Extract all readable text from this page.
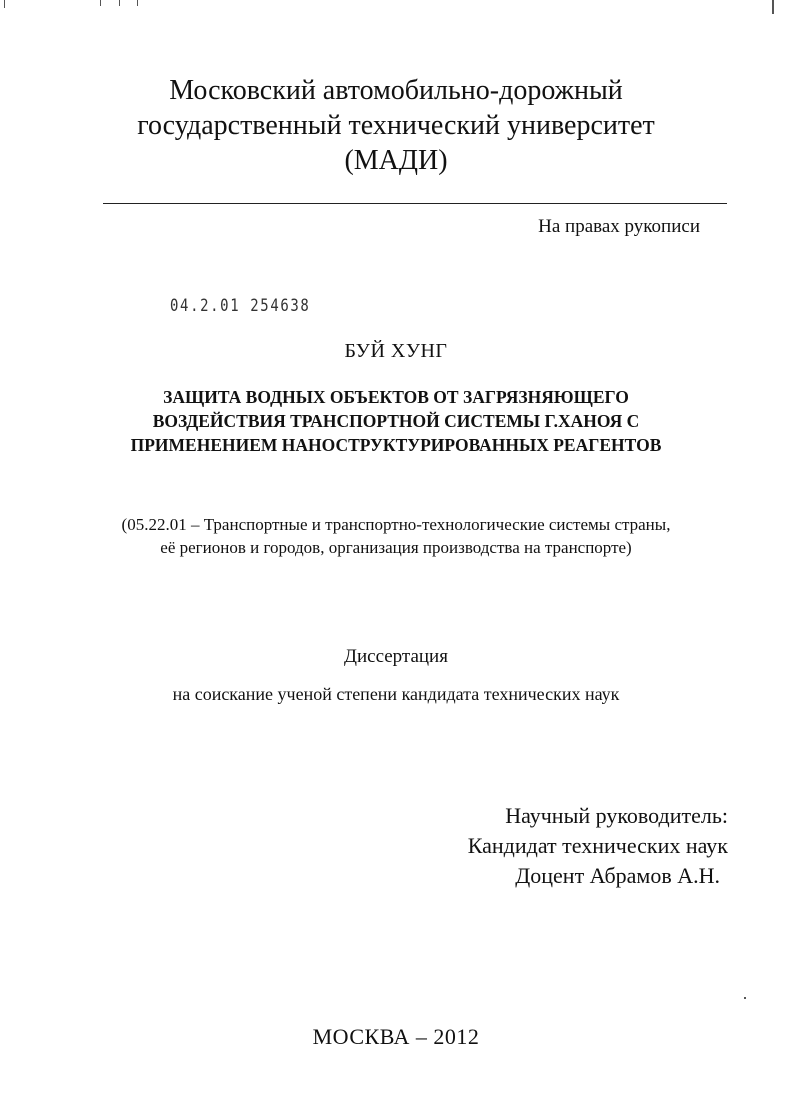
Московский автомобильно-дорожный
государственный технический университет
(МАДИ)
На правах рукописи
04.2.01 254638
БУЙ ХУНГ
ЗАЩИТА ВОДНЫХ ОБЪЕКТОВ ОТ ЗАГРЯЗНЯЮЩЕГО
ВОЗДЕЙСТВИЯ ТРАНСПОРТНОЙ СИСТЕМЫ Г.ХАНОЯ С
ПРИМЕНЕНИЕМ НАНОСТРУКТУРИРОВАННЫХ РЕАГЕНТОВ
(05.22.01 – Транспортные и транспортно-технологические системы страны,
её регионов и городов, организация производства на транспорте)
Диссертация
на соискание ученой степени кандидата технических наук
Научный руководитель:
Кандидат технических наук
Доцент Абрамов А.Н.
МОСКВА – 2012
